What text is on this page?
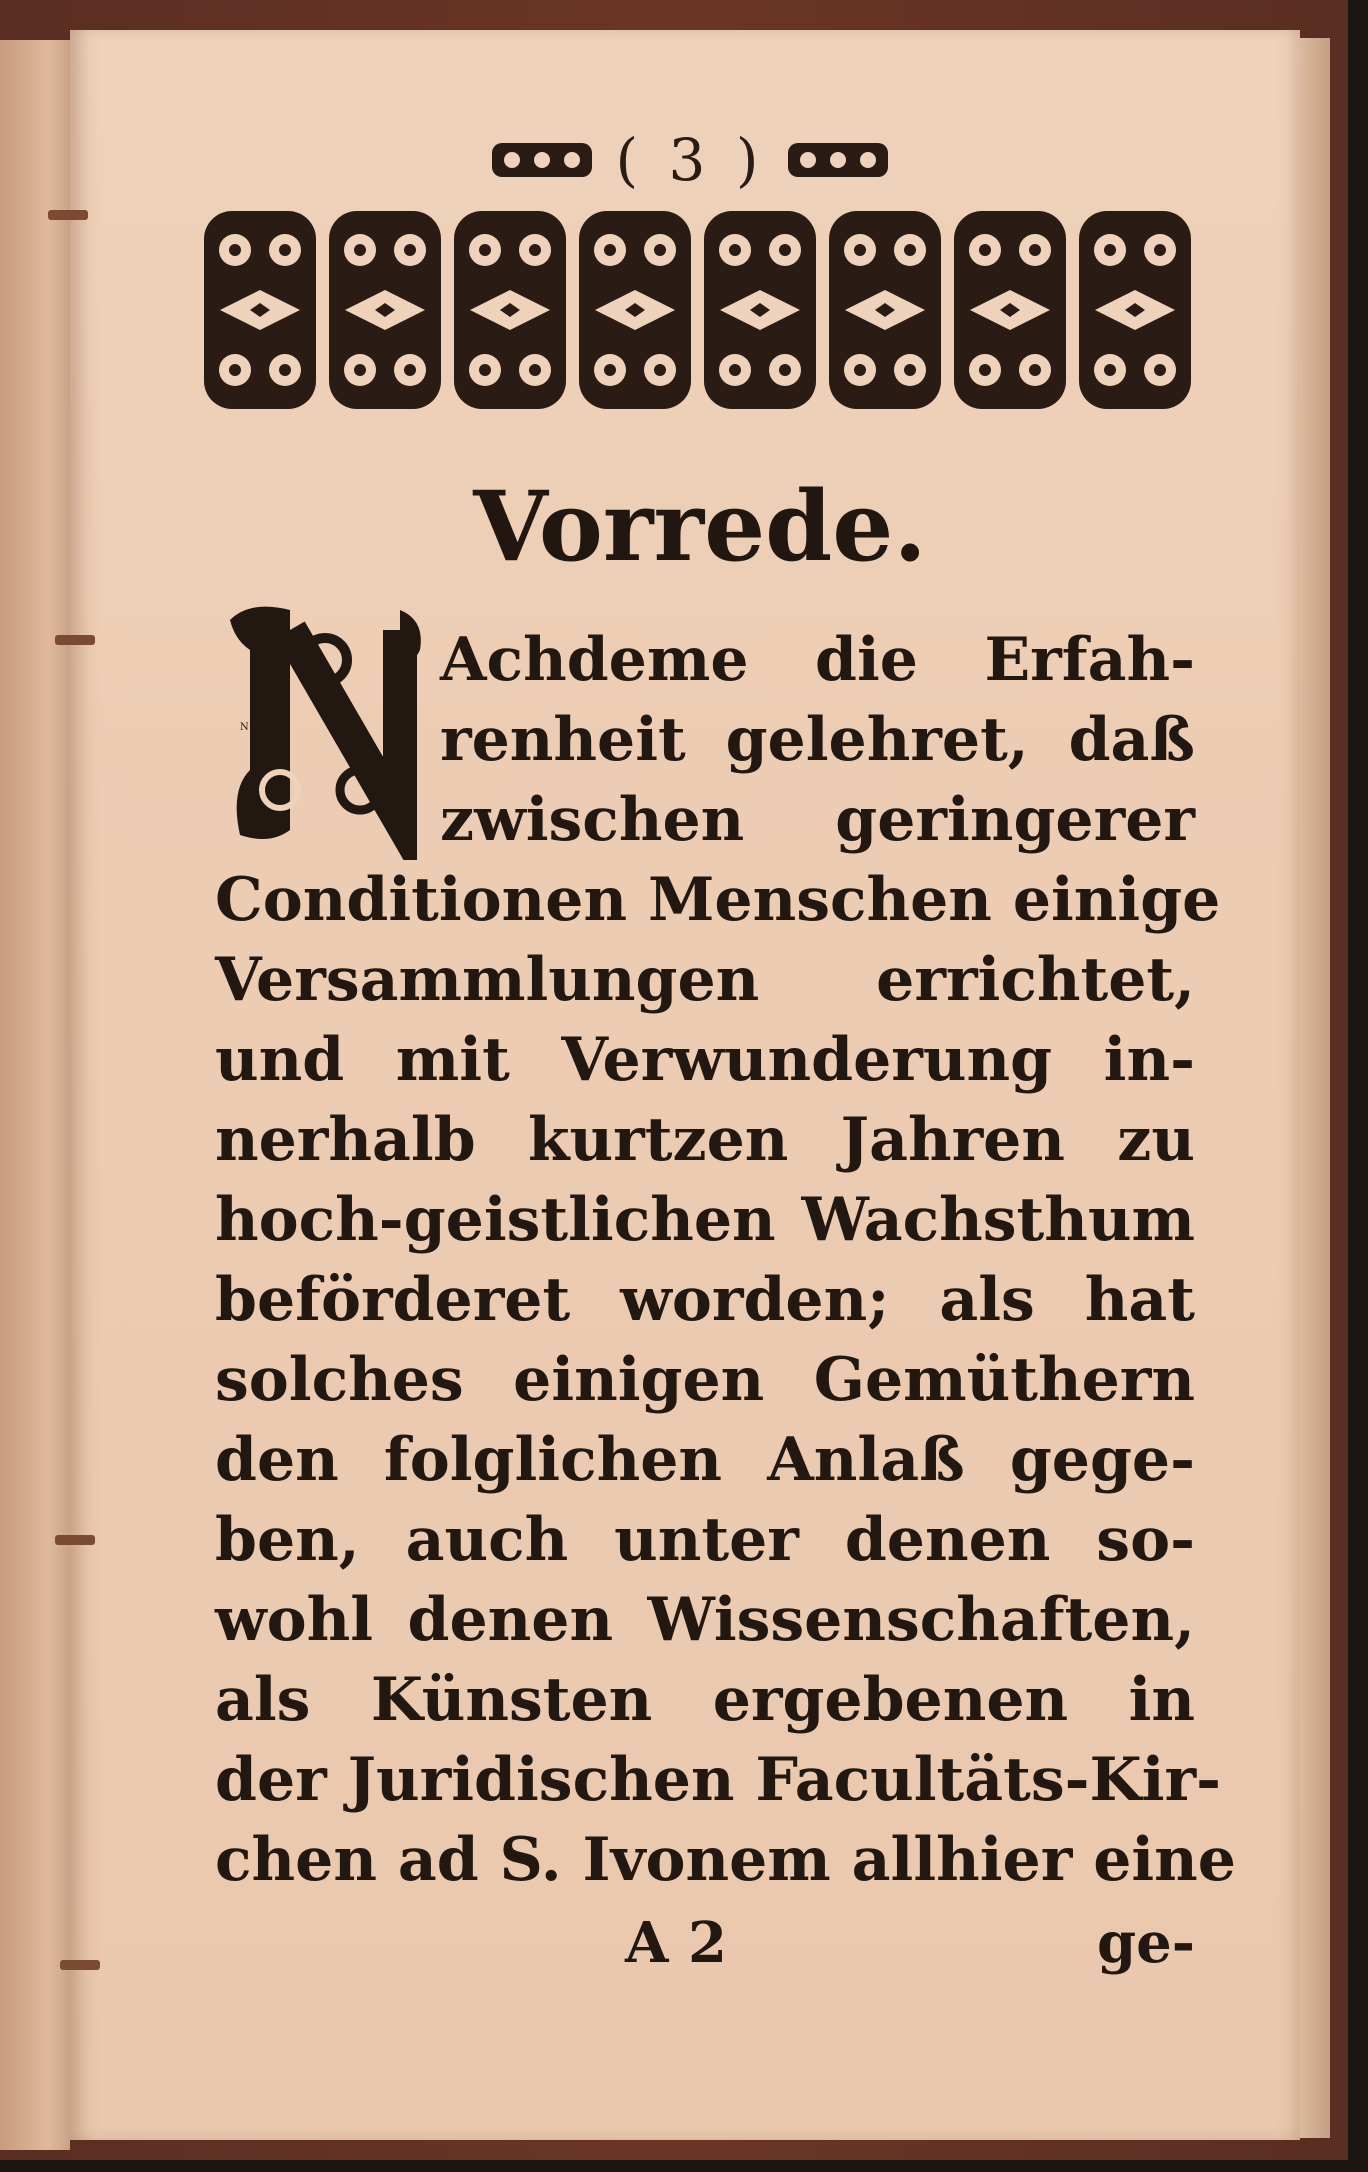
( 3 )
Vorrede.
N
Achdeme die Erfah-
renheit gelehret, daß
zwischen geringerer
Conditionen Menschen einige
Versammlungen errichtet,
und mit Verwunderung in-
nerhalb kurtzen Jahren zu
hoch-geistlichen Wachsthum
beförderet worden; als hat
solches einigen Gemüthern
den folglichen Anlaß gege-
ben, auch unter denen so-
wohl denen Wissenschaften,
als Künsten ergebenen in
der Juridischen Facultäts-Kir-
chen ad S. Ivonem allhier eine
A 2	ge-
